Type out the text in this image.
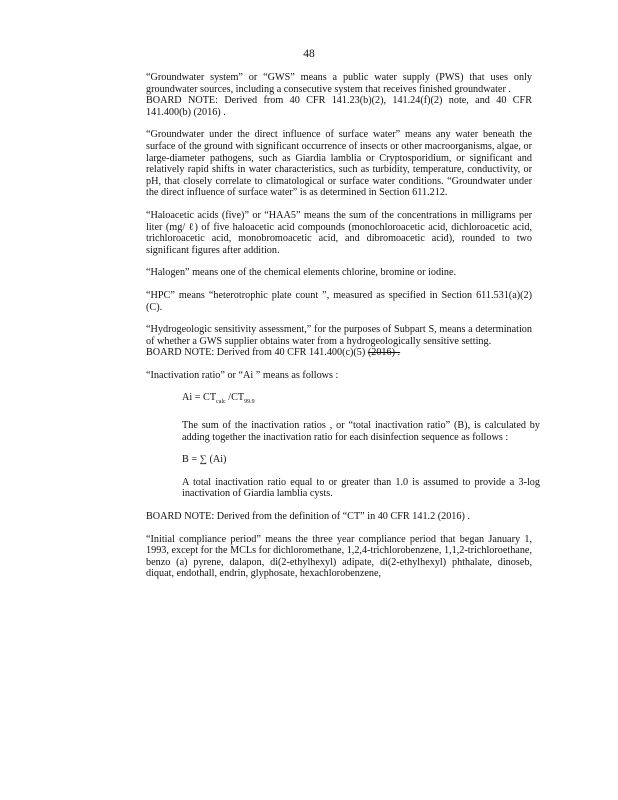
48

“Groundwater system” or “GWS” means a public water supply (PWS) that uses only groundwater sources, including a consecutive system that receives finished groundwater .

BOARD NOTE: Derived from 40 CFR 141.23(b)(2), 141.24(f)(2) note, and 40 CFR 141.400(b) (2016) .

“Groundwater under the direct influence of surface water” means any water beneath the surface of the ground with significant occurrence of insects or other macroorganisms, algae, or large-diameter pathogens, such as Giardia lamblia or Cryptosporidium, or significant and relatively rapid shifts in water characteristics, such as turbidity, temperature, conductivity, or pH, that closely correlate to climatological or surface water conditions. “Groundwater under the direct influence of surface water” is as determined in Section 611.212.

“Haloacetic acids (five)” or “HAA5” means the sum of the concentrations in milligrams per liter (mg/ ℓ) of five haloacetic acid compounds (monochloroacetic acid, dichloroacetic acid, trichloroacetic acid, monobromoacetic acid, and dibromoacetic acid), rounded to two significant figures after addition.

“Halogen” means one of the chemical elements chlorine, bromine or iodine.

“HPC” means “heterotrophic plate count ”, measured as specified in Section 611.531(a)(2)(C).

“Hydrogeologic sensitivity assessment,” for the purposes of Subpart S, means a determination of whether a GWS supplier obtains water from a hydrogeologically sensitive setting.

BOARD NOTE: Derived from 40 CFR 141.400(c)(5) (2016) .

“Inactivation ratio” or “Ai ” means as follows :

$Ai = CT_{calc}$ $/CT_{99.9}$

The sum of the inactivation ratios , or “total inactivation ratio” (B), is calculated by adding together the inactivation ratio for each disinfection sequence as follows :

B = ∑ (Ai)

A total inactivation ratio equal to or greater than 1.0 is assumed to provide a 3-log inactivation of Giardia lamblia cysts.

BOARD NOTE: Derived from the definition of “CT” in 40 CFR 141.2 (2016) .

“Initial compliance period” means the three year compliance period that began January 1, 1993, except for the MCLs for dichloromethane, 1,2,4-trichlorobenzene, 1,1,2-trichloroethane, benzo (a) pyrene, dalapon, di(2-ethylhexyl) adipate, di(2-ethylhexyl) phthalate, dinoseb, diquat, endothall, endrin, glyphosate, hexachlorobenzene,
